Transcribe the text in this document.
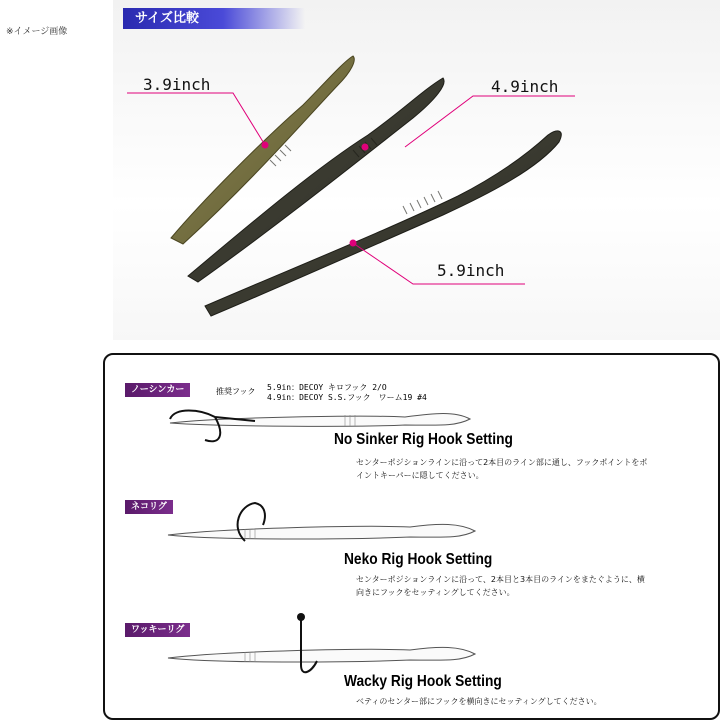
※イメージ画像
サイズ比較
3.9inch	4.9inch
5.9inch
ノーシンカー	推奨フック 5.9in：DECOY キロフック 2/O
4.9in：DECOY S.S.フック　ワーム19 #4
No Sinker Rig Hook Setting
センターポジションラインに沿って2本目のライン部に通し、フックポイントをポイントキーパーに隠してください。
ネコリグ
Neko Rig Hook Setting
センターポジションラインに沿って、2本目と3本目のラインをまたぐように、横向きにフックをセッティングしてください。
ワッキーリグ
Wacky Rig Hook Setting
ベティのセンター部にフックを横向きにセッティングしてください。
